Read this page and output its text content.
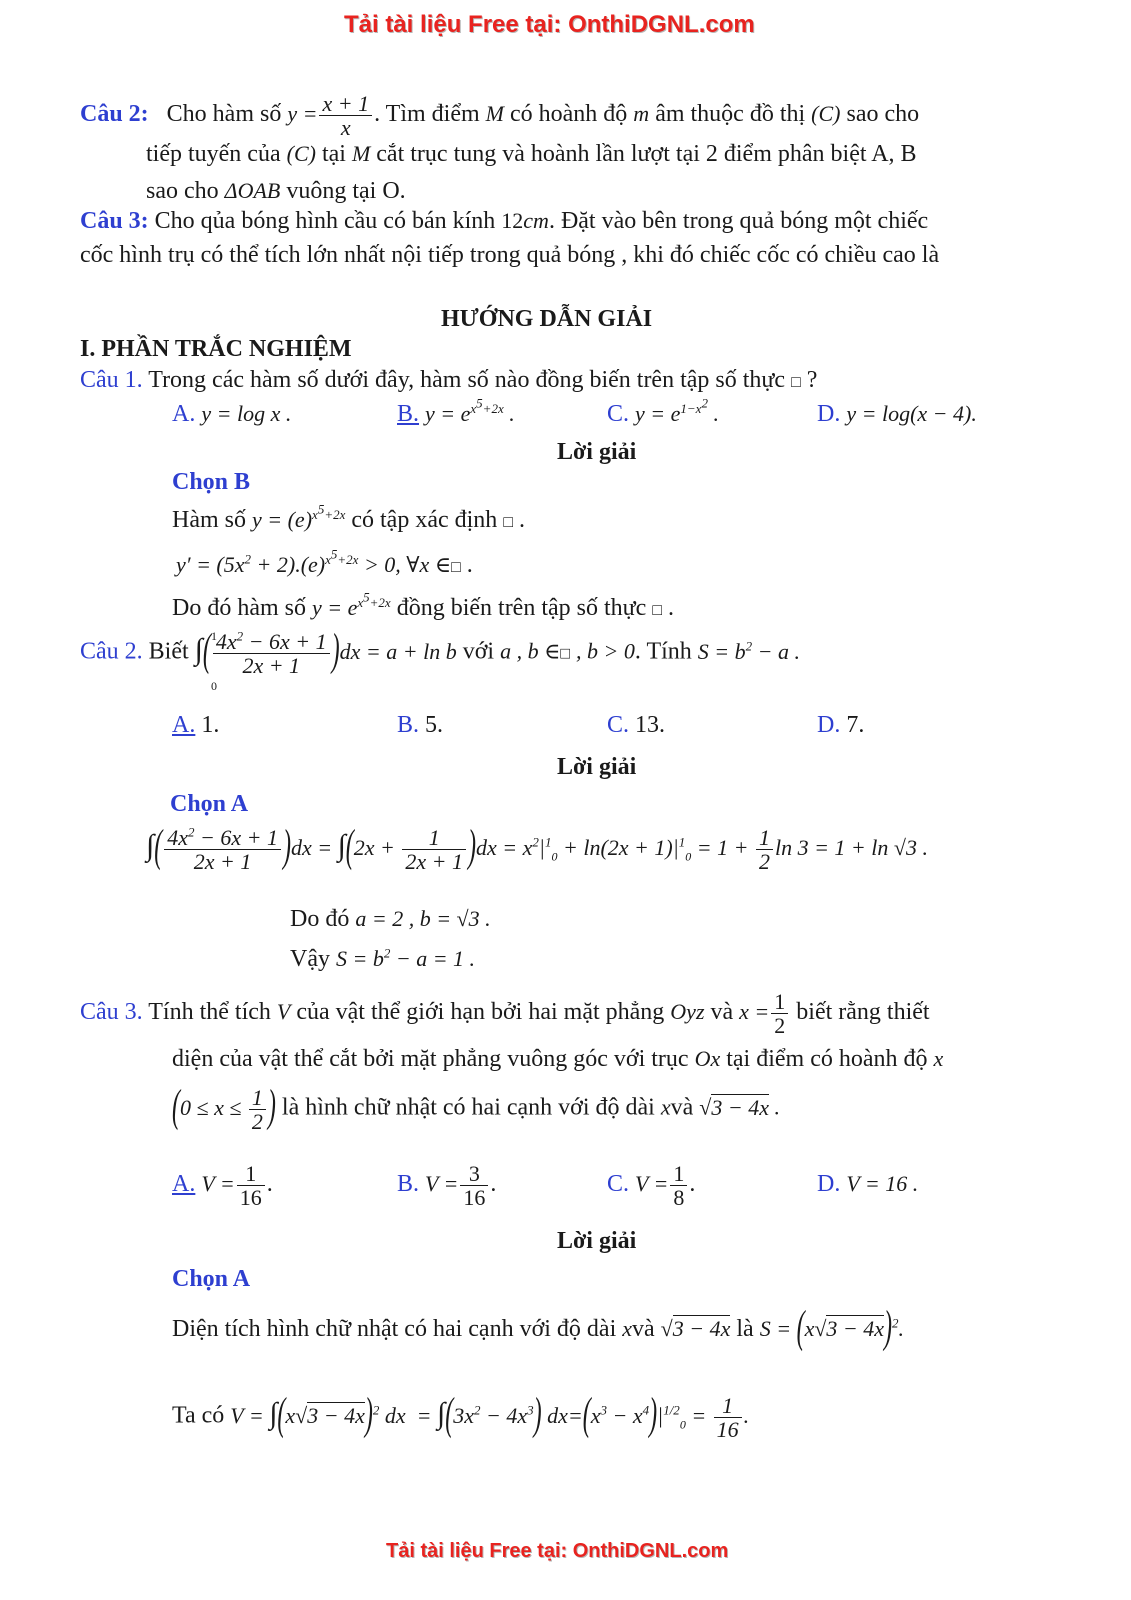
Tải tài liệu Free tại: OnthiDGNL.com
Câu 2: Cho hàm số $y = \frac{x + 1}{x}$ . Tìm điểm M có hoành độ m âm thuộc đồ thị (C) sao cho
tiếp tuyến của (C) tại M cắt trục tung và hoành lần lượt tại 2 điểm phân biệt A, B
sao cho ΔOAB vuông tại O.
Câu 3: Cho qủa bóng hình cầu có bán kính 12cm. Đặt vào bên trong quả bóng một chiếc
cốc hình trụ có thể tích lớn nhất nội tiếp trong quả bóng , khi đó chiếc cốc có chiều cao là
HƯỚNG DẪN GIẢI
I. PHẦN TRẮC NGHIỆM
Câu 1. Trong các hàm số dưới đây, hàm số nào đồng biến trên tập số thực □ ?
A. y = log x .	B. $y = e^{x^5+2x}$ .	C. $y = e^{1-x^2}$ .	D. y = log(x − 4).
Lời giải
Chọn B
Hàm số $y = (e)^{x^5+2x}$ có tập xác định □ .
$y' = (5x^2 + 2).(e)^{x^5+2x} > 0$, ∀x ∈□ .
Do đó hàm số $y = e^{x^5+2x}$ đồng biến trên tập số thực □ .
Câu 2. Biết ∫( $\frac{4x^2 - 6x + 1}{2x + 1} )dx = a + \ln b$ với a , b ∈□ , b > 0. Tính $S = b^2 - a$ .
1
0
A. 1.	B. 5.	C. 13.	D. 7.
Lời giải
Chọn A
∫( $\frac{4x^2 - 6x + 1}{2x + 1} )dx = \int(2x + \frac{1}{2x + 1} )dx = x^2|^1_0 + \ln(2x + 1)|^1_0 = 1 + \frac{1}{2}$ ln 3 = 1 + ln √3 .
Do đó a = 2 , b = √3 .
Vậy $S = b^2 - a = 1$ .
Câu 3. Tính thể tích V của vật thể giới hạn bởi hai mặt phẳng Oyz và $x = \frac{1}{2}$ biết rằng thiết
diện của vật thể cắt bởi mặt phẳng vuông góc với trục Ox tại điểm có hoành độ x
($0 \le x \le \frac{1}{2}$ ) là hình chữ nhật có hai cạnh với độ dài xvà √3 − 4x .
A. $V = \frac{1}{16}$ .	B. $V = \frac{3}{16}$ .	C. $V = \frac{1}{8}$ .	D. V = 16 .
Lời giải
Chọn A
Diện tích hình chữ nhật có hai cạnh với độ dài xvà √3 − 4x là $S = (x√3 - 4x)^2$.
Ta có $V = \int(x√3 - 4x)^2$ dx  = $\int(3x^2 - 4x^3) dx=(x^3 - x^4)|^{1/2}_0 = \frac{1}{16}$ .
Tải tài liệu Free tại: OnthiDGNL.com
